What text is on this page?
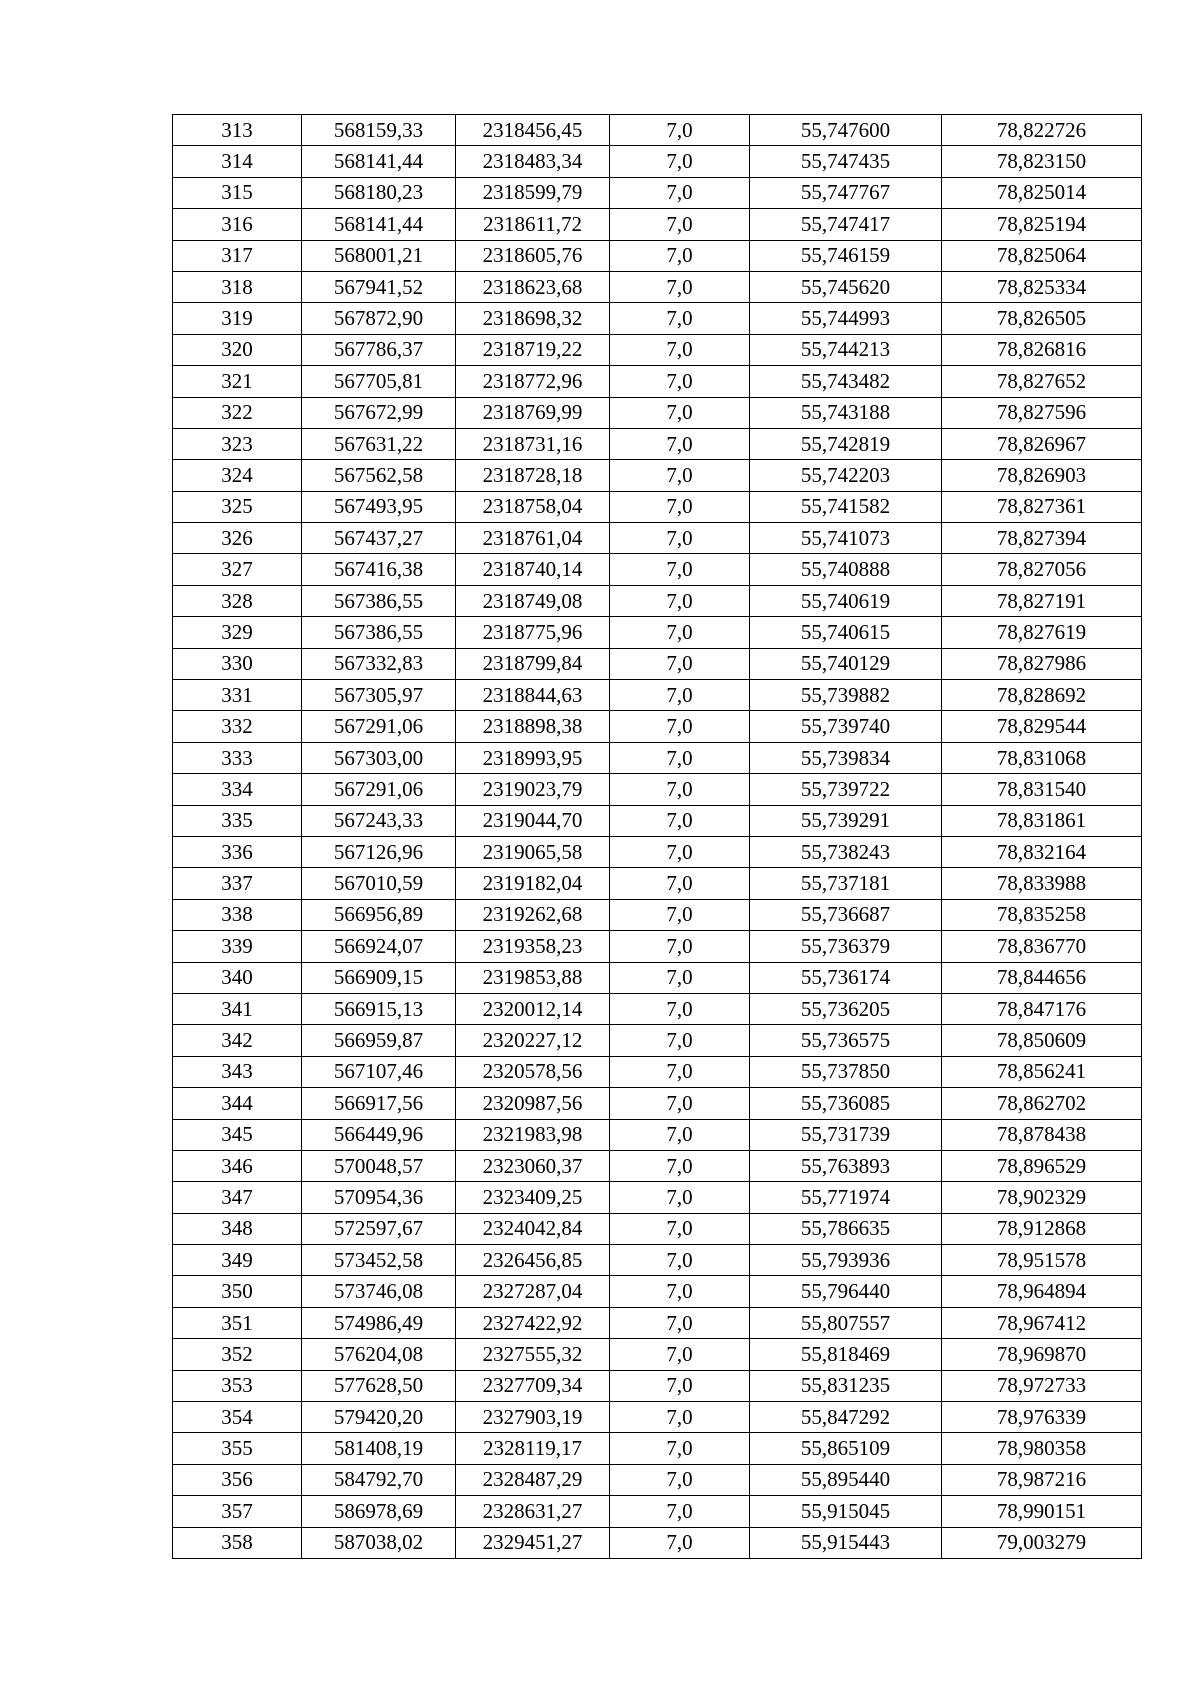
313	568159,33	2318456,45	7,0	55,747600	78,822726
314	568141,44	2318483,34	7,0	55,747435	78,823150
315	568180,23	2318599,79	7,0	55,747767	78,825014
316	568141,44	2318611,72	7,0	55,747417	78,825194
317	568001,21	2318605,76	7,0	55,746159	78,825064
318	567941,52	2318623,68	7,0	55,745620	78,825334
319	567872,90	2318698,32	7,0	55,744993	78,826505
320	567786,37	2318719,22	7,0	55,744213	78,826816
321	567705,81	2318772,96	7,0	55,743482	78,827652
322	567672,99	2318769,99	7,0	55,743188	78,827596
323	567631,22	2318731,16	7,0	55,742819	78,826967
324	567562,58	2318728,18	7,0	55,742203	78,826903
325	567493,95	2318758,04	7,0	55,741582	78,827361
326	567437,27	2318761,04	7,0	55,741073	78,827394
327	567416,38	2318740,14	7,0	55,740888	78,827056
328	567386,55	2318749,08	7,0	55,740619	78,827191
329	567386,55	2318775,96	7,0	55,740615	78,827619
330	567332,83	2318799,84	7,0	55,740129	78,827986
331	567305,97	2318844,63	7,0	55,739882	78,828692
332	567291,06	2318898,38	7,0	55,739740	78,829544
333	567303,00	2318993,95	7,0	55,739834	78,831068
334	567291,06	2319023,79	7,0	55,739722	78,831540
335	567243,33	2319044,70	7,0	55,739291	78,831861
336	567126,96	2319065,58	7,0	55,738243	78,832164
337	567010,59	2319182,04	7,0	55,737181	78,833988
338	566956,89	2319262,68	7,0	55,736687	78,835258
339	566924,07	2319358,23	7,0	55,736379	78,836770
340	566909,15	2319853,88	7,0	55,736174	78,844656
341	566915,13	2320012,14	7,0	55,736205	78,847176
342	566959,87	2320227,12	7,0	55,736575	78,850609
343	567107,46	2320578,56	7,0	55,737850	78,856241
344	566917,56	2320987,56	7,0	55,736085	78,862702
345	566449,96	2321983,98	7,0	55,731739	78,878438
346	570048,57	2323060,37	7,0	55,763893	78,896529
347	570954,36	2323409,25	7,0	55,771974	78,902329
348	572597,67	2324042,84	7,0	55,786635	78,912868
349	573452,58	2326456,85	7,0	55,793936	78,951578
350	573746,08	2327287,04	7,0	55,796440	78,964894
351	574986,49	2327422,92	7,0	55,807557	78,967412
352	576204,08	2327555,32	7,0	55,818469	78,969870
353	577628,50	2327709,34	7,0	55,831235	78,972733
354	579420,20	2327903,19	7,0	55,847292	78,976339
355	581408,19	2328119,17	7,0	55,865109	78,980358
356	584792,70	2328487,29	7,0	55,895440	78,987216
357	586978,69	2328631,27	7,0	55,915045	78,990151
358	587038,02	2329451,27	7,0	55,915443	79,003279
